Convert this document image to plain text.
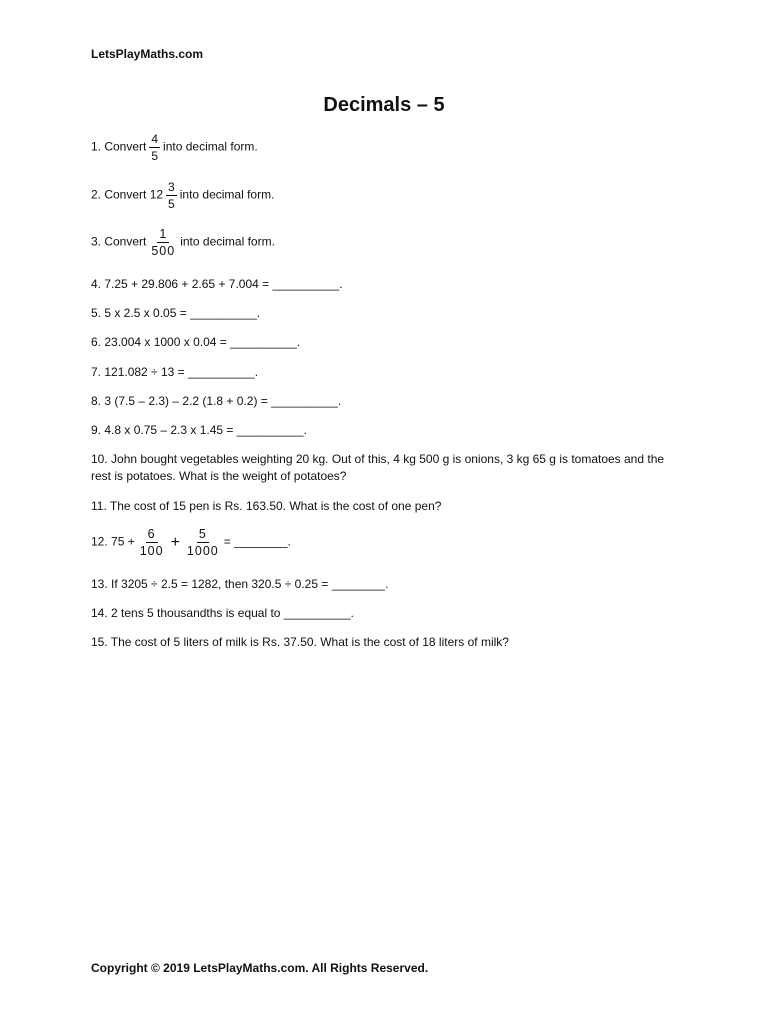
LetsPlayMaths.com
Decimals – 5
1. Convert $\frac{4}{5}$ into decimal form.
2. Convert $12 \frac{3}{5}$ into decimal form.
3. Convert $\frac{1}{500}$ into decimal form.
4. 7.25 + 29.806 + 2.65 + 7.004 = __________.
5. 5 x 2.5 x 0.05 = __________.
6. 23.004 x 1000 x 0.04 = __________.
7. 121.082 ÷ 13 = __________.
8. 3 (7.5 – 2.3) – 2.2 (1.8 + 0.2) = __________.
9. 4.8 x 0.75 – 2.3 x 1.45 = __________.
10. John bought vegetables weighting 20 kg. Out of this, 4 kg 500 g is onions, 3 kg 65 g is tomatoes and the rest is potatoes. What is the weight of potatoes?
11. The cost of 15 pen is Rs. 163.50. What is the cost of one pen?
12. $75 + \frac{6}{100} + \frac{5}{1000}$ = ________.
13. If 3205 ÷ 2.5 = 1282, then 320.5 ÷ 0.25 = ________.
14. 2 tens 5 thousandths is equal to __________.
15. The cost of 5 liters of milk is Rs. 37.50. What is the cost of 18 liters of milk?
Copyright © 2019 LetsPlayMaths.com. All Rights Reserved.
